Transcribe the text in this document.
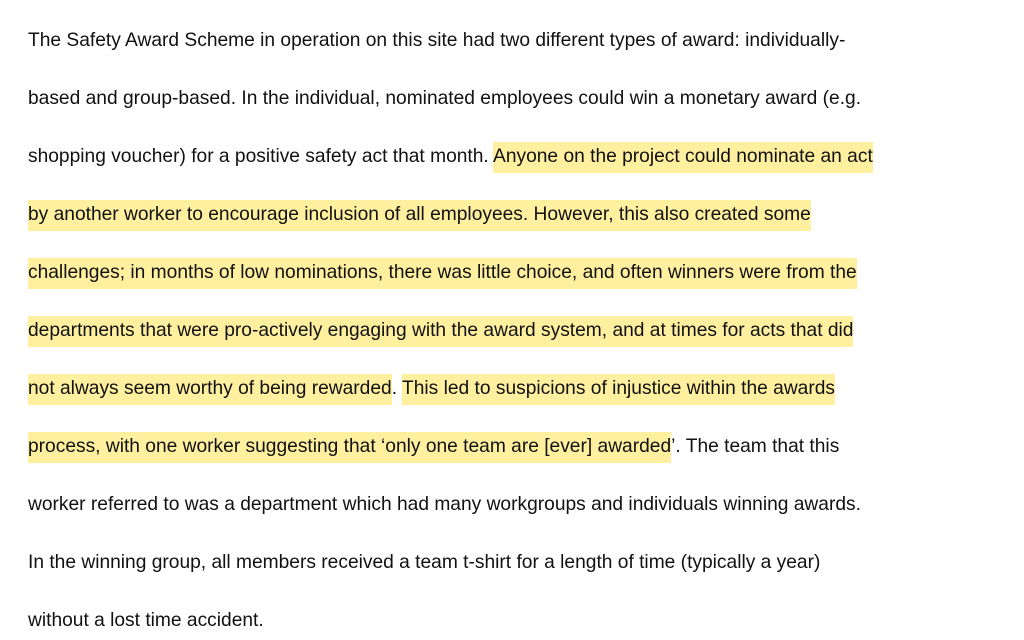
The Safety Award Scheme in operation on this site had two different types of award: individually-
based and group-based. In the individual, nominated employees could win a monetary award (e.g.
shopping voucher) for a positive safety act that month. Anyone on the project could nominate an act
by another worker to encourage inclusion of all employees. However, this also created some
challenges; in months of low nominations, there was little choice, and often winners were from the
departments that were pro-actively engaging with the award system, and at times for acts that did
not always seem worthy of being rewarded. This led to suspicions of injustice within the awards
process, with one worker suggesting that ‘only one team are [ever] awarded’. The team that this
worker referred to was a department which had many workgroups and individuals winning awards.
In the winning group, all members received a team t-shirt for a length of time (typically a year)
without a lost time accident.
